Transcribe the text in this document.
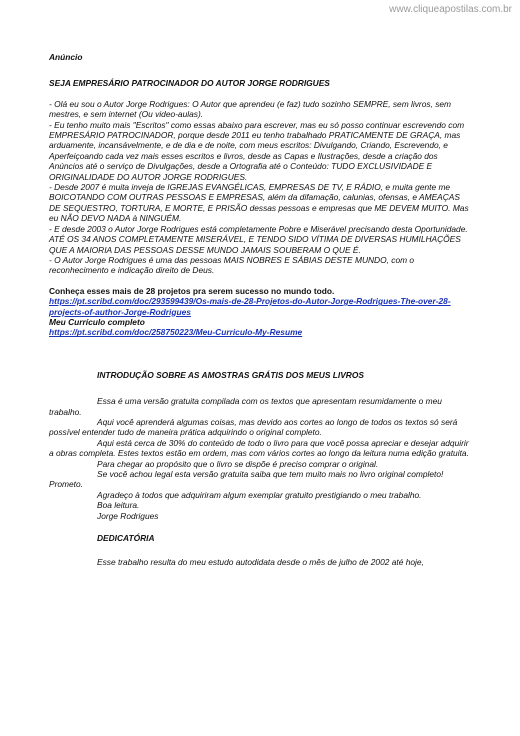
www.cliqueapostilas.com.br

Anúncio

SEJA EMPRESÁRIO PATROCINADOR DO AUTOR JORGE RODRIGUES

- Olá eu sou o Autor Jorge Rodrigues: O Autor que aprendeu (e faz) tudo sozinho SEMPRE, sem livros, sem mestres, e sem internet (Ou video-aulas).

- Eu tenho muito mais "Escritos" como essas abaixo para escrever, mas eu só posso continuar escrevendo com EMPRESÁRIO PATROCINADOR, porque desde 2011 eu tenho trabalhado PRATICAMENTE DE GRAÇA, mas arduamente, incansávelmente, e de dia e de noite, com meus escritos: Divulgando, Criando, Escrevendo, e Aperfeiçoando cada vez mais esses escritos e livros, desde as Capas e Ilustrações, desde a criação dos Anúncios até o serviço de Divulgações, desde a Ortografia até o Conteúdo: TUDO EXCLUSIVIDADE E ORIGINALIDADE DO AUTOR JORGE RODRIGUES.

- Desde 2007 é muita inveja de IGREJAS EVANGÉLICAS, EMPRESAS DE TV, E RÁDIO, e muita gente me BOICOTANDO COM OUTRAS PESSOAS E EMPRESAS, além da difamação, calunias, ofensas, e AMEAÇAS DE SEQUESTRO, TORTURA, E MORTE, E PRISÃO dessas pessoas e empresas que ME DEVEM MUITO. Mas eu NÃO DEVO NADA à NINGUÉM.

- E desde 2003 o Autor Jorge Rodrigues está completamente Pobre e Miserável precisando desta Oportunidade. ATÉ OS 34 ANOS COMPLETAMENTE MISERÁVEL, E TENDO SIDO VÍTIMA DE DIVERSAS HUMILHAÇÕES QUE A MAIORIA DAS PESSOAS DESSE MUNDO JAMAIS SOUBERAM O QUE É.

- O Autor Jorge Rodrigues é uma das pessoas MAIS NOBRES E SÁBIAS DESTE MUNDO, com o reconhecimento e indicação direito de Deus.

Conheça esses mais de 28 projetos pra serem sucesso no mundo todo.

https://pt.scribd.com/doc/293599439/Os-mais-de-28-Projetos-do-Autor-Jorge-Rodrigues-The-over-28-projects-of-author-Jorge-Rodrigues

Meu Currículo completo

https://pt.scribd.com/doc/258750223/Meu-Curriculo-My-Resume

INTRODUÇÃO SOBRE AS AMOSTRAS GRÁTIS DOS MEUS LIVROS

Essa é uma versão gratuita compilada com os textos que apresentam resumidamente o meu trabalho.

Aqui você aprenderá algumas coisas, mas devido aos cortes ao longo de todos os textos só será possível entender tudo de maneira prática adquirindo o original completo.

Aqui está cerca de 30% do conteúdo de todo o livro para que você possa apreciar e desejar adquirir a obras completa. Estes textos estão em ordem, mas com vários cortes ao longo da leitura numa edição gratuita.

Para chegar ao propósito que o livro se dispõe é preciso comprar o original.

Se você achou legal esta versão gratuita saiba que tem muito mais no livro original completo! Prometo.

Agradeço à todos que adquiriram algum exemplar gratuito prestigiando o meu trabalho.

Boa leitura.

Jorge Rodrigues

DEDICATÓRIA

Esse trabalho resulta do meu estudo autodidata desde o mês de julho de 2002 até hoje,
